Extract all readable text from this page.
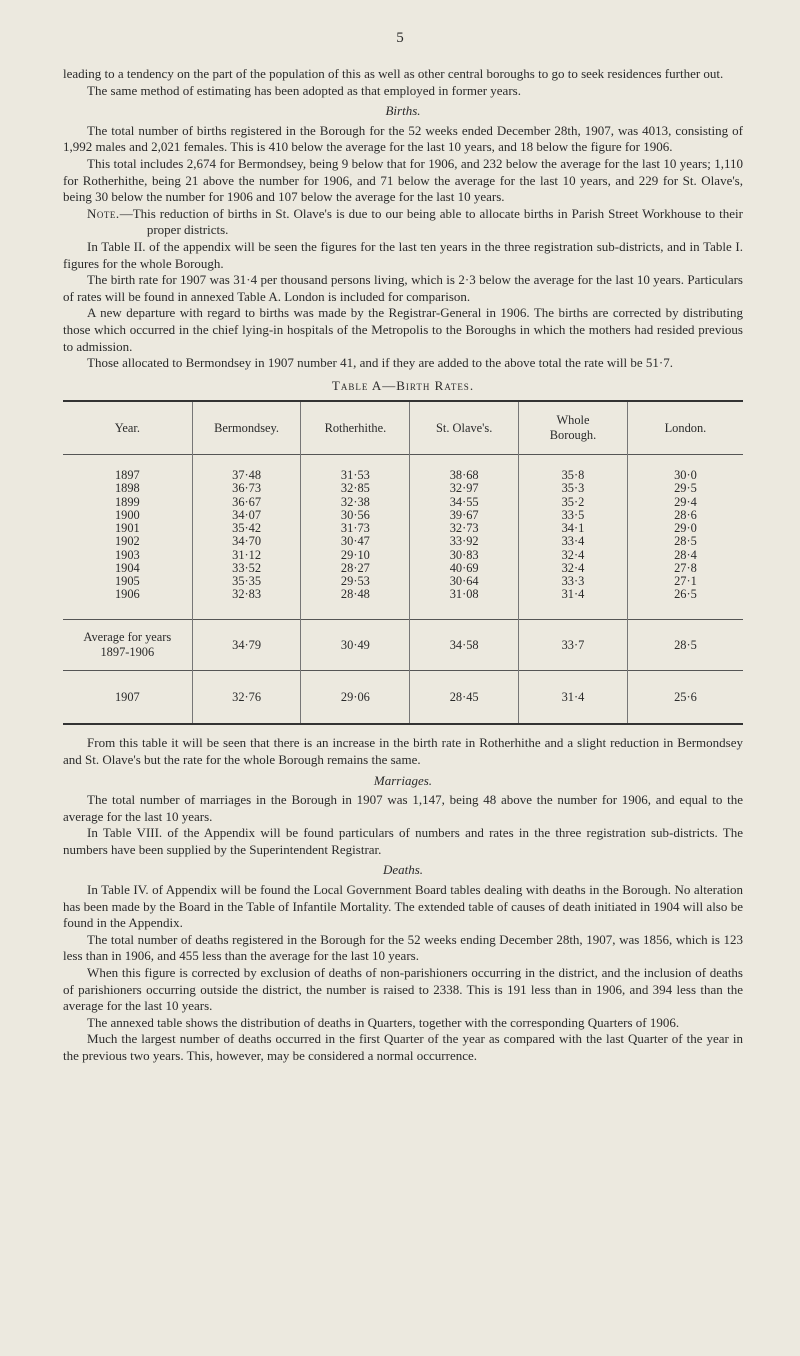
5

leading to a tendency on the part of the population of this as well as other central boroughs to go to seek residences further out.

The same method of estimating has been adopted as that employed in former years.

Births.

The total number of births registered in the Borough for the 52 weeks ended December 28th, 1907, was 4013, consisting of 1,992 males and 2,021 females. This is 410 below the average for the last 10 years, and 18 below the figure for 1906.

This total includes 2,674 for Bermondsey, being 9 below that for 1906, and 232 below the average for the last 10 years; 1,110 for Rotherhithe, being 21 above the number for 1906, and 71 below the average for the last 10 years, and 229 for St. Olave's, being 30 below the number for 1906 and 107 below the average for the last 10 years.

Note.—This reduction of births in St. Olave's is due to our being able to allocate births in Parish Street Workhouse to their proper districts.

In Table II. of the appendix will be seen the figures for the last ten years in the three registration sub-districts, and in Table I. figures for the whole Borough.

The birth rate for 1907 was 31·4 per thousand persons living, which is 2·3 below the average for the last 10 years. Particulars of rates will be found in annexed Table A. London is included for comparison.

A new departure with regard to births was made by the Registrar-General in 1906. The births are corrected by distributing those which occurred in the chief lying-in hospitals of the Metropolis to the Boroughs in which the mothers had resided previous to admission.

Those allocated to Bermondsey in 1907 number 41, and if they are added to the above total the rate will be 51·7.

Table A—Birth Rates.

Year.	Bermondsey.	Rotherhithe.	St. Olave's.	Whole Borough.	London.
1897	37·48	31·53	38·68	35·8	30·0
1898	36·73	32·85	32·97	35·3	29·5
1899	36·67	32·38	34·55	35·2	29·4
1900	34·07	30·56	39·67	33·5	28·6
1901	35·42	31·73	32·73	34·1	29·0
1902	34·70	30·47	33·92	33·4	28·5
1903	31·12	29·10	30·83	32·4	28·4
1904	33·52	28·27	40·69	32·4	27·8
1905	35·35	29·53	30·64	33·3	27·1
1906	32·83	28·48	31·08	31·4	26·5
Average for years
1897-1906	34·79	30·49	34·58	33·7	28·5
1907	32·76	29·06	28·45	31·4	25·6

From this table it will be seen that there is an increase in the birth rate in Rotherhithe and a slight reduction in Bermondsey and St. Olave's but the rate for the whole Borough remains the same.

Marriages.

The total number of marriages in the Borough in 1907 was 1,147, being 48 above the number for 1906, and equal to the average for the last 10 years.

In Table VIII. of the Appendix will be found particulars of numbers and rates in the three registration sub-districts. The numbers have been supplied by the Superintendent Registrar.

Deaths.

In Table IV. of Appendix will be found the Local Government Board tables dealing with deaths in the Borough. No alteration has been made by the Board in the Table of Infantile Mortality. The extended table of causes of death initiated in 1904 will also be found in the Appendix.

The total number of deaths registered in the Borough for the 52 weeks ending December 28th, 1907, was 1856, which is 123 less than in 1906, and 455 less than the average for the last 10 years.

When this figure is corrected by exclusion of deaths of non-parishioners occurring in the district, and the inclusion of deaths of parishioners occurring outside the district, the number is raised to 2338. This is 191 less than in 1906, and 394 less than the average for the last 10 years.

The annexed table shows the distribution of deaths in Quarters, together with the corresponding Quarters of 1906.

Much the largest number of deaths occurred in the first Quarter of the year as compared with the last Quarter of the year in the previous two years. This, however, may be considered a normal occurrence.
